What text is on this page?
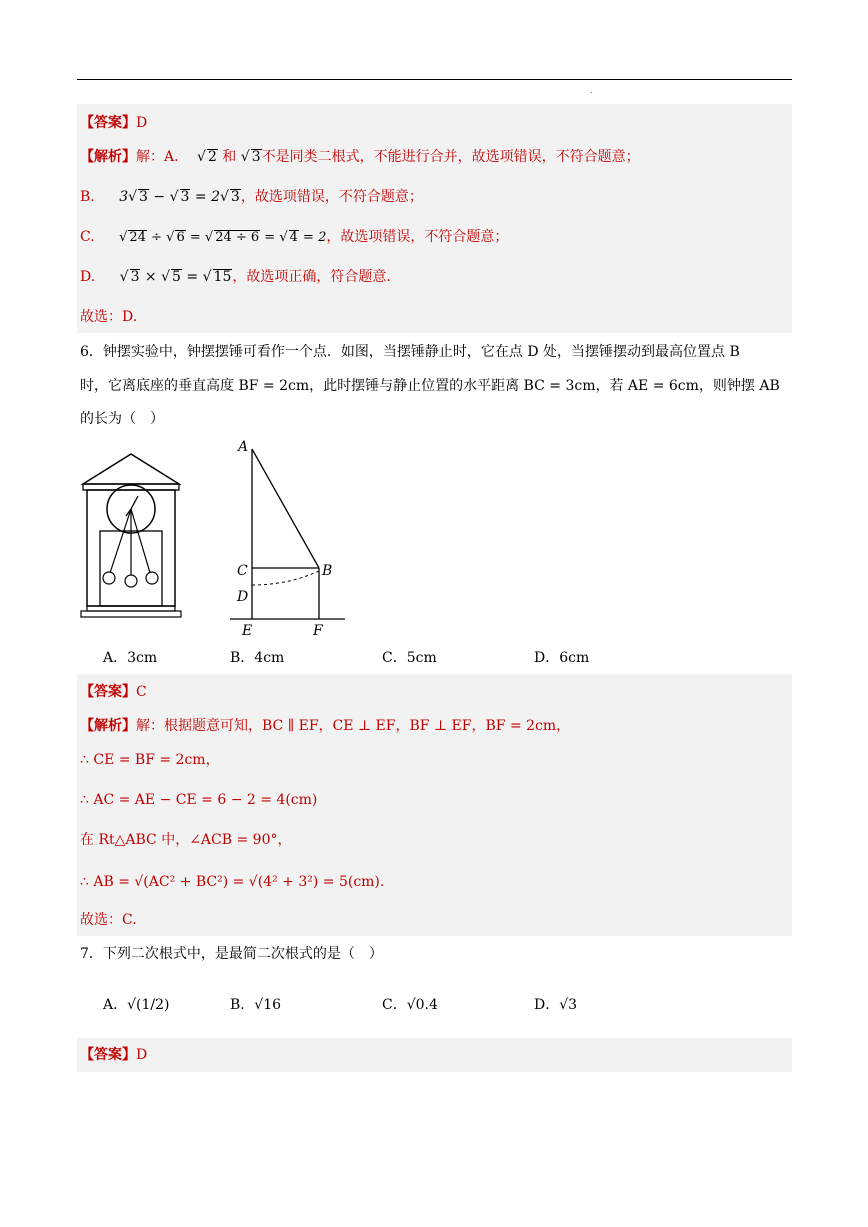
.
【答案】D
【解析】解：A. √ 2 和 √ 3不是同类二根式，不能进行合并，故选项错误，不符合题意；
B. 3√ 3 − √ 3 = 2√ 3，故选项错误，不符合题意；
C. √ 24 ÷ √ 6 = √ 24 ÷ 6 = √ 4 = 2，故选项错误，不符合题意；
D. √ 3 × √ 5 = √ 15，故选项正确，符合题意.
故选：D.
6．钟摆实验中，钟摆摆锤可看作一个点．如图，当摆锤静止时，它在点 D 处，当摆锤摆动到最高位置点 B
时，它离底座的垂直高度 BF = 2cm，此时摆锤与静止位置的水平距离 BC = 3cm，若 AE = 6cm，则钟摆 AB
的长为（　）
A
B
C
D
E	F
A．3cm	B．4cm	C．5cm	D．6cm
【答案】C
【解析】解：根据题意可知，BC ∥ EF，CE ⊥ EF，BF ⊥ EF，BF = 2cm，
∴ CE = BF = 2cm，
∴ AC = AE − CE = 6 − 2 = 4(cm)
在 Rt△ABC 中，∠ACB = 90°，
∴ AB = √(AC² + BC²) = √(4² + 3²) = 5(cm).
故选：C.
7．下列二次根式中，是最简二次根式的是（　）
A．√(1/2)	B．√16	C．√0.4	D．√3
【答案】D
